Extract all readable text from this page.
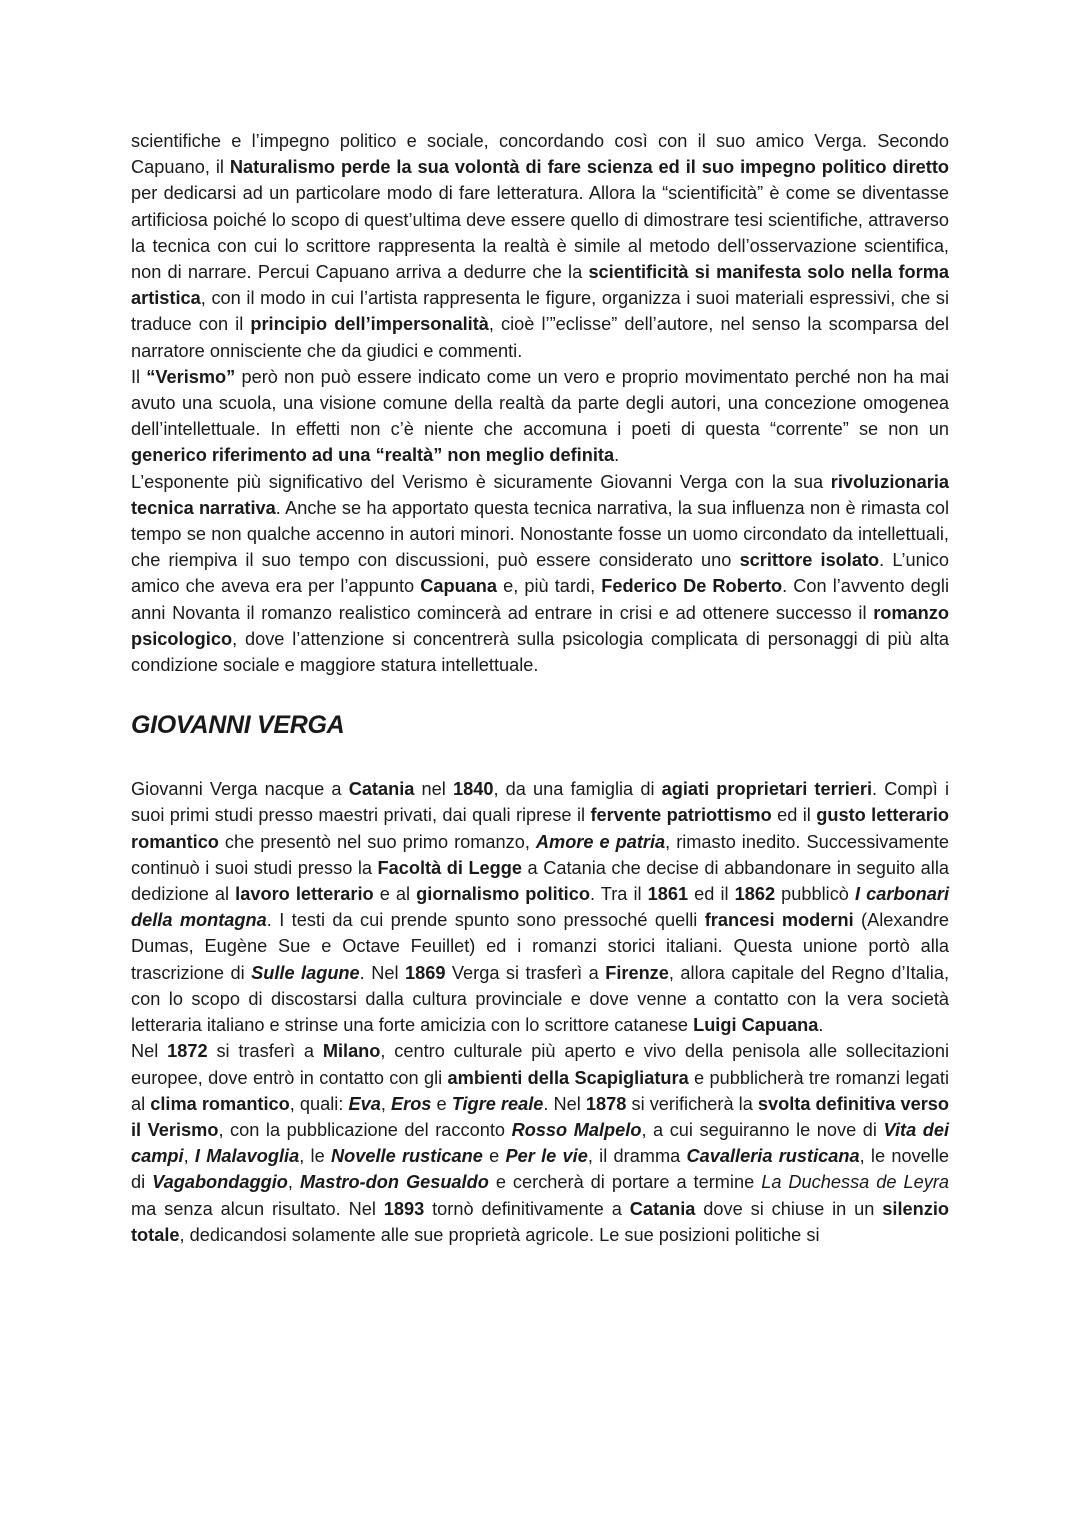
scientifiche e l’impegno politico e sociale, concordando così con il suo amico Verga. Secondo Capuano, il Naturalismo perde la sua volontà di fare scienza ed il suo impegno politico diretto per dedicarsi ad un particolare modo di fare letteratura. Allora la “scientificità” è come se diventasse artificiosa poiché lo scopo di quest’ultima deve essere quello di dimostrare tesi scientifiche, attraverso la tecnica con cui lo scrittore rappresenta la realtà è simile al metodo dell’osservazione scientifica, non di narrare. Percui Capuano arriva a dedurre che la scientificità si manifesta solo nella forma artistica, con il modo in cui l’artista rappresenta le figure, organizza i suoi materiali espressivi, che si traduce con il principio dell’impersonalità, cioè l’”eclisse” dell’autore, nel senso la scomparsa del narratore onnisciente che da giudici e commenti.

Il “Verismo” però non può essere indicato come un vero e proprio movimentato perché non ha mai avuto una scuola, una visione comune della realtà da parte degli autori, una concezione omogenea dell’intellettuale. In effetti non c’è niente che accomuna i poeti di questa “corrente” se non un generico riferimento ad una “realtà” non meglio definita.

L’esponente più significativo del Verismo è sicuramente Giovanni Verga con la sua rivoluzionaria tecnica narrativa. Anche se ha apportato questa tecnica narrativa, la sua influenza non è rimasta col tempo se non qualche accenno in autori minori. Nonostante fosse un uomo circondato da intellettuali, che riempiva il suo tempo con discussioni, può essere considerato uno scrittore isolato. L’unico amico che aveva era per l’appunto Capuana e, più tardi, Federico De Roberto. Con l’avvento degli anni Novanta il romanzo realistico comincerà ad entrare in crisi e ad ottenere successo il romanzo psicologico, dove l’attenzione si concentrerà sulla psicologia complicata di personaggi di più alta condizione sociale e maggiore statura intellettuale.

GIOVANNI VERGA

Giovanni Verga nacque a Catania nel 1840, da una famiglia di agiati proprietari terrieri. Compì i suoi primi studi presso maestri privati, dai quali riprese il fervente patriottismo ed il gusto letterario romantico che presentò nel suo primo romanzo, Amore e patria, rimasto inedito. Successivamente continuò i suoi studi presso la Facoltà di Legge a Catania che decise di abbandonare in seguito alla dedizione al lavoro letterario e al giornalismo politico. Tra il 1861 ed il 1862 pubblicò I carbonari della montagna. I testi da cui prende spunto sono pressoché quelli francesi moderni (Alexandre Dumas, Eugène Sue e Octave Feuillet) ed i romanzi storici italiani. Questa unione portò alla trascrizione di Sulle lagune. Nel 1869 Verga si trasferì a Firenze, allora capitale del Regno d’Italia, con lo scopo di discostarsi dalla cultura provinciale e dove venne a contatto con la vera società letteraria italiano e strinse una forte amicizia con lo scrittore catanese Luigi Capuana.

Nel 1872 si trasferì a Milano, centro culturale più aperto e vivo della penisola alle sollecitazioni europee, dove entrò in contatto con gli ambienti della Scapigliatura e pubblicherà tre romanzi legati al clima romantico, quali: Eva, Eros e Tigre reale. Nel 1878 si verificherà la svolta definitiva verso il Verismo, con la pubblicazione del racconto Rosso Malpelo, a cui seguiranno le nove di Vita dei campi, I Malavoglia, le Novelle rusticane e Per le vie, il dramma Cavalleria rusticana, le novelle di Vagabondaggio, Mastro-don Gesualdo e cercherà di portare a termine La Duchessa de Leyra ma senza alcun risultato. Nel 1893 tornò definitivamente a Catania dove si chiuse in un silenzio totale, dedicandosi solamente alle sue proprietà agricole. Le sue posizioni politiche si
